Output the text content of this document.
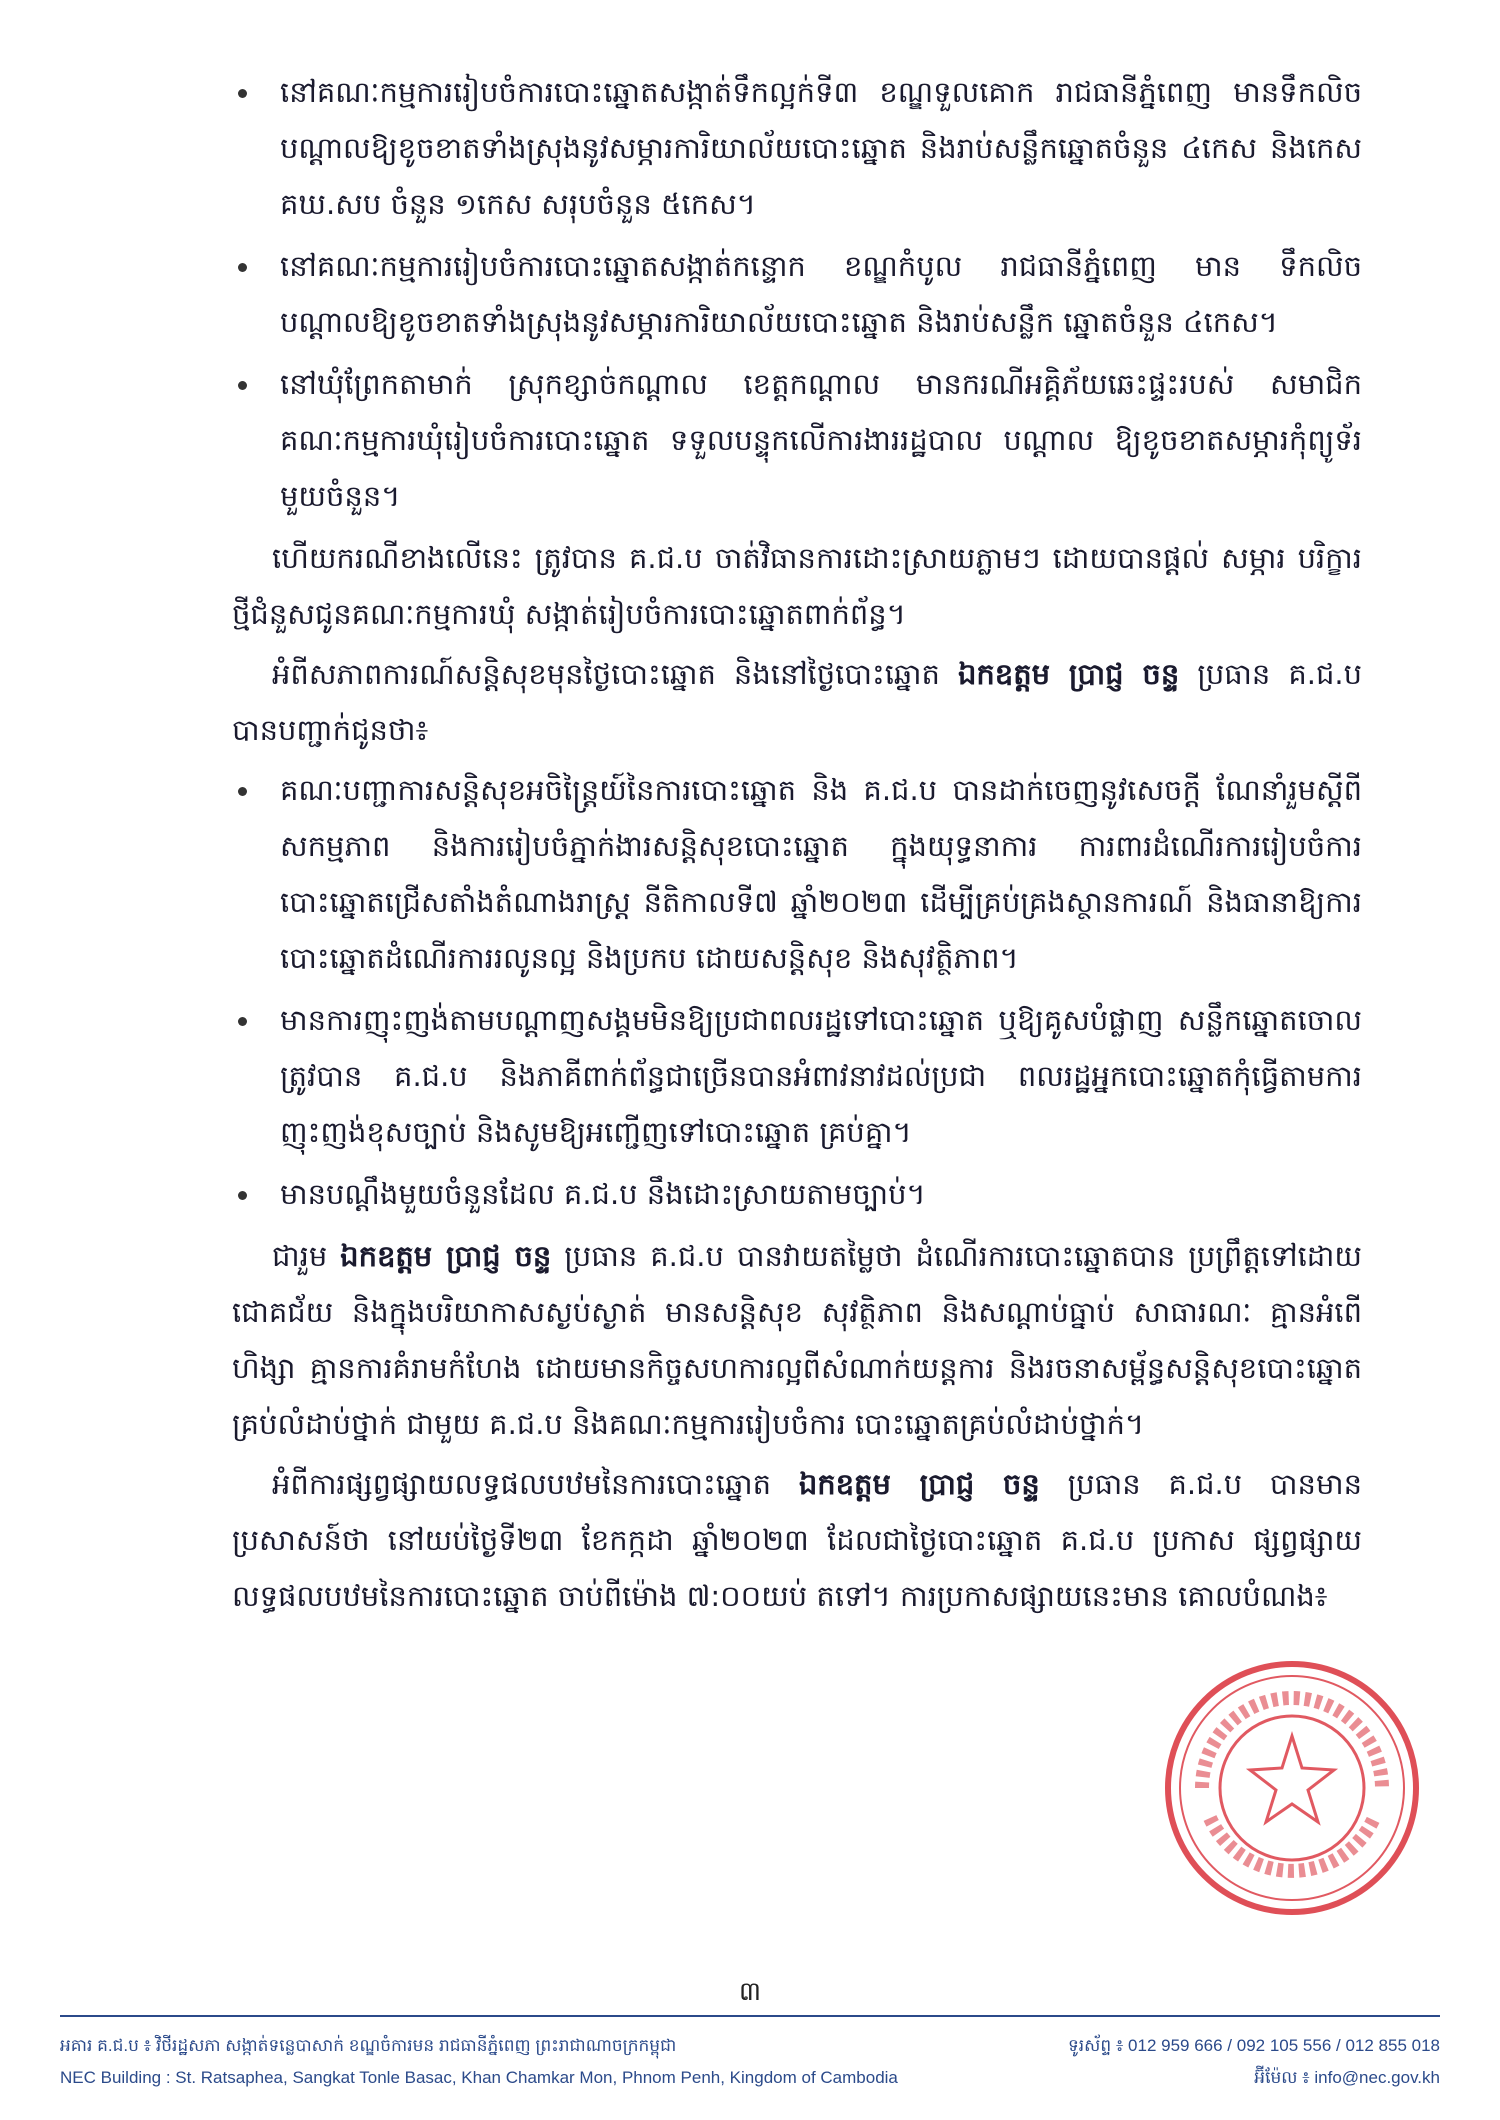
នៅគណៈកម្មការរៀបចំការបោះឆ្នោតសង្កាត់ទឹកល្អក់ទី៣ ខណ្ឌទួលគោក រាជធានីភ្នំពេញ មានទឹកលិចបណ្ដាលឱ្យខូចខាតទាំងស្រុងនូវសម្ភារការិយាល័យបោះឆ្នោត និងរាប់សន្លឹកឆ្នោតចំនួន ៤កេស និងកេស គឃ.សប ចំនួន ១កេស សរុបចំនួន ៥កេស។
នៅគណៈកម្មការរៀបចំការបោះឆ្នោតសង្កាត់កន្ទោក ខណ្ឌកំបូល រាជធានីភ្នំពេញ មាន ទឹកលិចបណ្ដាលឱ្យខូចខាតទាំងស្រុងនូវសម្ភារការិយាល័យបោះឆ្នោត និងរាប់សន្លឹក ឆ្នោតចំនួន ៤កេស។
នៅឃុំព្រែកតាមាក់ ស្រុកខ្សាច់កណ្ដាល ខេត្តកណ្ដាល មានករណីអគ្គិភ័យឆេះផ្ទះរបស់ សមាជិកគណៈកម្មការឃុំរៀបចំការបោះឆ្នោត ទទួលបន្ទុកលើការងាររដ្ឋបាល បណ្ដាល ឱ្យខូចខាតសម្ភារកុំព្យូទ័រមួយចំនួន។

ហើយករណីខាងលើនេះ ត្រូវបាន គ.ជ.ប ចាត់វិធានការដោះស្រាយភ្លាមៗ ដោយបានផ្តល់ សម្ភារ បរិក្ខារថ្មីជំនួសជូនគណៈកម្មការឃុំ សង្កាត់រៀបចំការបោះឆ្នោតពាក់ព័ន្ធ។

អំពីសភាពការណ៍សន្តិសុខមុនថ្ងៃបោះឆ្នោត និងនៅថ្ងៃបោះឆ្នោត ឯកឧត្តម ប្រាជ្ញ ចន្ទ ប្រធាន គ.ជ.ប បានបញ្ជាក់ជូនថា៖

គណៈបញ្ជាការសន្តិសុខអចិន្ត្រៃយ៍នៃការបោះឆ្នោត និង គ.ជ.ប បានដាក់ចេញនូវសេចក្តី ណែនាំរួមស្តីពីសកម្មភាព និងការរៀបចំភ្នាក់ងារសន្តិសុខបោះឆ្នោត ក្នុងយុទ្ធនាការ ការពារដំណើរការរៀបចំការបោះឆ្នោតជ្រើសតាំងតំណាងរាស្ត្រ នីតិកាលទី៧ ឆ្នាំ២០២៣ ដើម្បីគ្រប់គ្រងស្ថានការណ៍ និងធានាឱ្យការបោះឆ្នោតដំណើរការរលូនល្អ និងប្រកប ដោយសន្តិសុខ និងសុវត្ថិភាព។
មានការញុះញង់តាមបណ្តាញសង្គមមិនឱ្យប្រជាពលរដ្ឋទៅបោះឆ្នោត ឬឱ្យគូសបំផ្លាញ សន្លឹកឆ្នោតចោល ត្រូវបាន គ.ជ.ប និងភាគីពាក់ព័ន្ធជាច្រើនបានអំពាវនាវដល់ប្រជា ពលរដ្ឋអ្នកបោះឆ្នោតកុំធ្វើតាមការញុះញង់ខុសច្បាប់ និងសូមឱ្យអញ្ជើញទៅបោះឆ្នោត គ្រប់គ្នា។
មានបណ្តឹងមួយចំនួនដែល គ.ជ.ប នឹងដោះស្រាយតាមច្បាប់។

ជារួម ឯកឧត្តម ប្រាជ្ញ ចន្ទ ប្រធាន គ.ជ.ប បានវាយតម្លៃថា ដំណើរការបោះឆ្នោតបាន ប្រព្រឹត្តទៅដោយជោគជ័យ និងក្នុងបរិយាកាសស្ងប់ស្ងាត់ មានសន្តិសុខ សុវត្ថិភាព និងសណ្តាប់ធ្នាប់ សាធារណៈ គ្មានអំពើហិង្សា គ្មានការគំរាមកំហែង ដោយមានកិច្ចសហការល្អពីសំណាក់យន្តការ និងរចនាសម្ព័ន្ធសន្តិសុខបោះឆ្នោតគ្រប់លំដាប់ថ្នាក់ ជាមួយ គ.ជ.ប និងគណៈកម្មការរៀបចំការ បោះឆ្នោតគ្រប់លំដាប់ថ្នាក់។

អំពីការផ្សព្វផ្សាយលទ្ធផលបឋមនៃការបោះឆ្នោត ឯកឧត្តម ប្រាជ្ញ ចន្ទ ប្រធាន គ.ជ.ប បានមានប្រសាសន៍ថា នៅយប់ថ្ងៃទី២៣ ខែកក្កដា ឆ្នាំ២០២៣ ដែលជាថ្ងៃបោះឆ្នោត គ.ជ.ប ប្រកាស ផ្សព្វផ្សាយលទ្ធផលបឋមនៃការបោះឆ្នោត ចាប់ពីម៉ោង ៧:០០យប់ តទៅ។ ការប្រកាសផ្សាយនេះមាន គោលបំណង៖

៣
អគារ គ.ជ.ប ៖ វិថីរដ្ឋសភា សង្កាត់ទន្លេបាសាក់ ខណ្ឌចំការមន រាជធានីភ្នំពេញ ព្រះរាជាណាចក្រកម្ពុជា	ទូរស័ព្ទ ៖ 012 959 666 / 092 105 556 / 012 855 018
NEC Building : St. Ratsaphea, Sangkat Tonle Basac, Khan Chamkar Mon, Phnom Penh, Kingdom of Cambodia	អ៊ីម៉ែល ៖ info@nec.gov.kh
